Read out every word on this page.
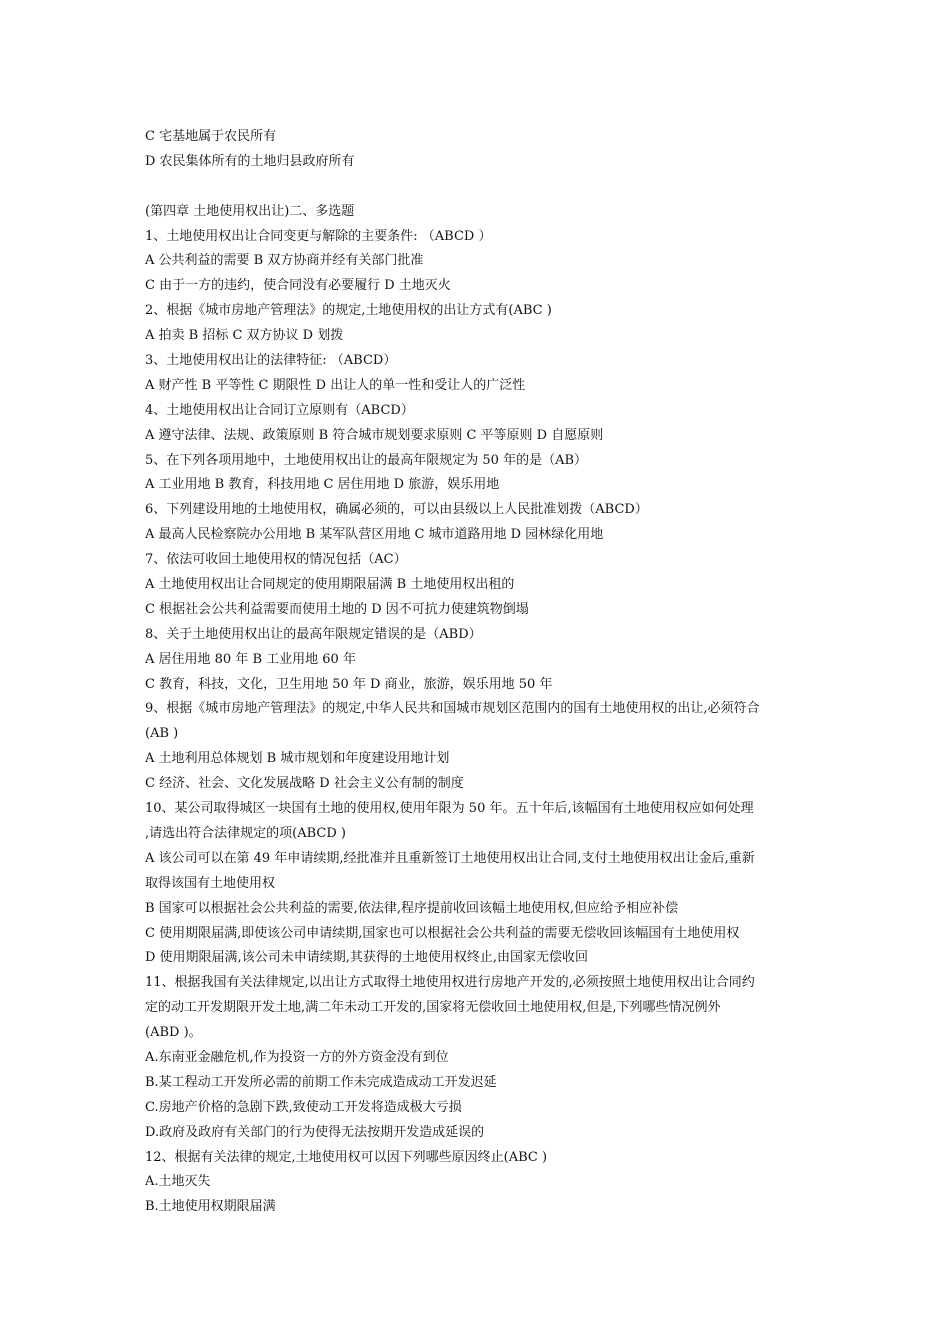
C 宅基地属于农民所有
D 农民集体所有的土地归县政府所有
(第四章 土地使用权出让)二、多选题
1、土地使用权出让合同变更与解除的主要条件: （ABCD ）
A 公共利益的需要 B 双方协商并经有关部门批准
C 由于一方的违约，使合同没有必要履行 D 土地灭火
2、根据《城市房地产管理法》的规定,土地使用权的出让方式有(ABC )
A 拍卖 B 招标 C 双方协议 D 划拨
3、土地使用权出让的法律特征: （ABCD）
A 财产性 B 平等性 C 期限性 D 出让人的单一性和受让人的广泛性
4、土地使用权出让合同订立原则有（ABCD）
A 遵守法律、法规、政策原则 B 符合城市规划要求原则 C 平等原则 D 自愿原则
5、在下列各项用地中，土地使用权出让的最高年限规定为 50 年的是（AB）
A 工业用地 B 教育，科技用地 C 居住用地 D 旅游，娱乐用地
6、下列建设用地的土地使用权，确属必须的，可以由县级以上人民批准划拨（ABCD）
A 最高人民检察院办公用地 B 某军队营区用地 C 城市道路用地 D 园林绿化用地
7、依法可收回土地使用权的情况包括（AC）
A 土地使用权出让合同规定的使用期限届满 B 土地使用权出租的
C 根据社会公共利益需要而使用土地的 D 因不可抗力使建筑物倒塌
8、关于土地使用权出让的最高年限规定错误的是（ABD）
A 居住用地 80 年 B 工业用地 60 年
C 教育，科技，文化，卫生用地 50 年 D 商业，旅游，娱乐用地 50 年
9、根据《城市房地产管理法》的规定,中华人民共和国城市规划区范围内的国有土地使用权的出让,必须符合
(AB )
A 土地利用总体规划 B 城市规划和年度建设用地计划
C 经济、社会、文化发展战略 D 社会主义公有制的制度
10、某公司取得城区一块国有土地的使用权,使用年限为 50 年。五十年后,该幅国有土地使用权应如何处理
,请选出符合法律规定的项(ABCD )
A 该公司可以在第 49 年申请续期,经批准并且重新签订土地使用权出让合同,支付土地使用权出让金后,重新
取得该国有土地使用权
B 国家可以根据社会公共利益的需要,依法律,程序提前收回该幅土地使用权,但应给予相应补偿
C 使用期限届满,即使该公司申请续期,国家也可以根据社会公共利益的需要无偿收回该幅国有土地使用权
D 使用期限届满,该公司未申请续期,其获得的土地使用权终止,由国家无偿收回
11、根据我国有关法律规定,以出让方式取得土地使用权进行房地产开发的,必须按照土地使用权出让合同约
定的动工开发期限开发土地,满二年未动工开发的,国家将无偿收回土地使用权,但是,下列哪些情况例外
(ABD )。
A.东南亚金融危机,作为投资一方的外方资金没有到位
B.某工程动工开发所必需的前期工作未完成造成动工开发迟延
C.房地产价格的急剧下跌,致使动工开发将造成极大亏损
D.政府及政府有关部门的行为使得无法按期开发造成延误的
12、根据有关法律的规定,土地使用权可以因下列哪些原因终止(ABC )
A.土地灭失
B.土地使用权期限届满
